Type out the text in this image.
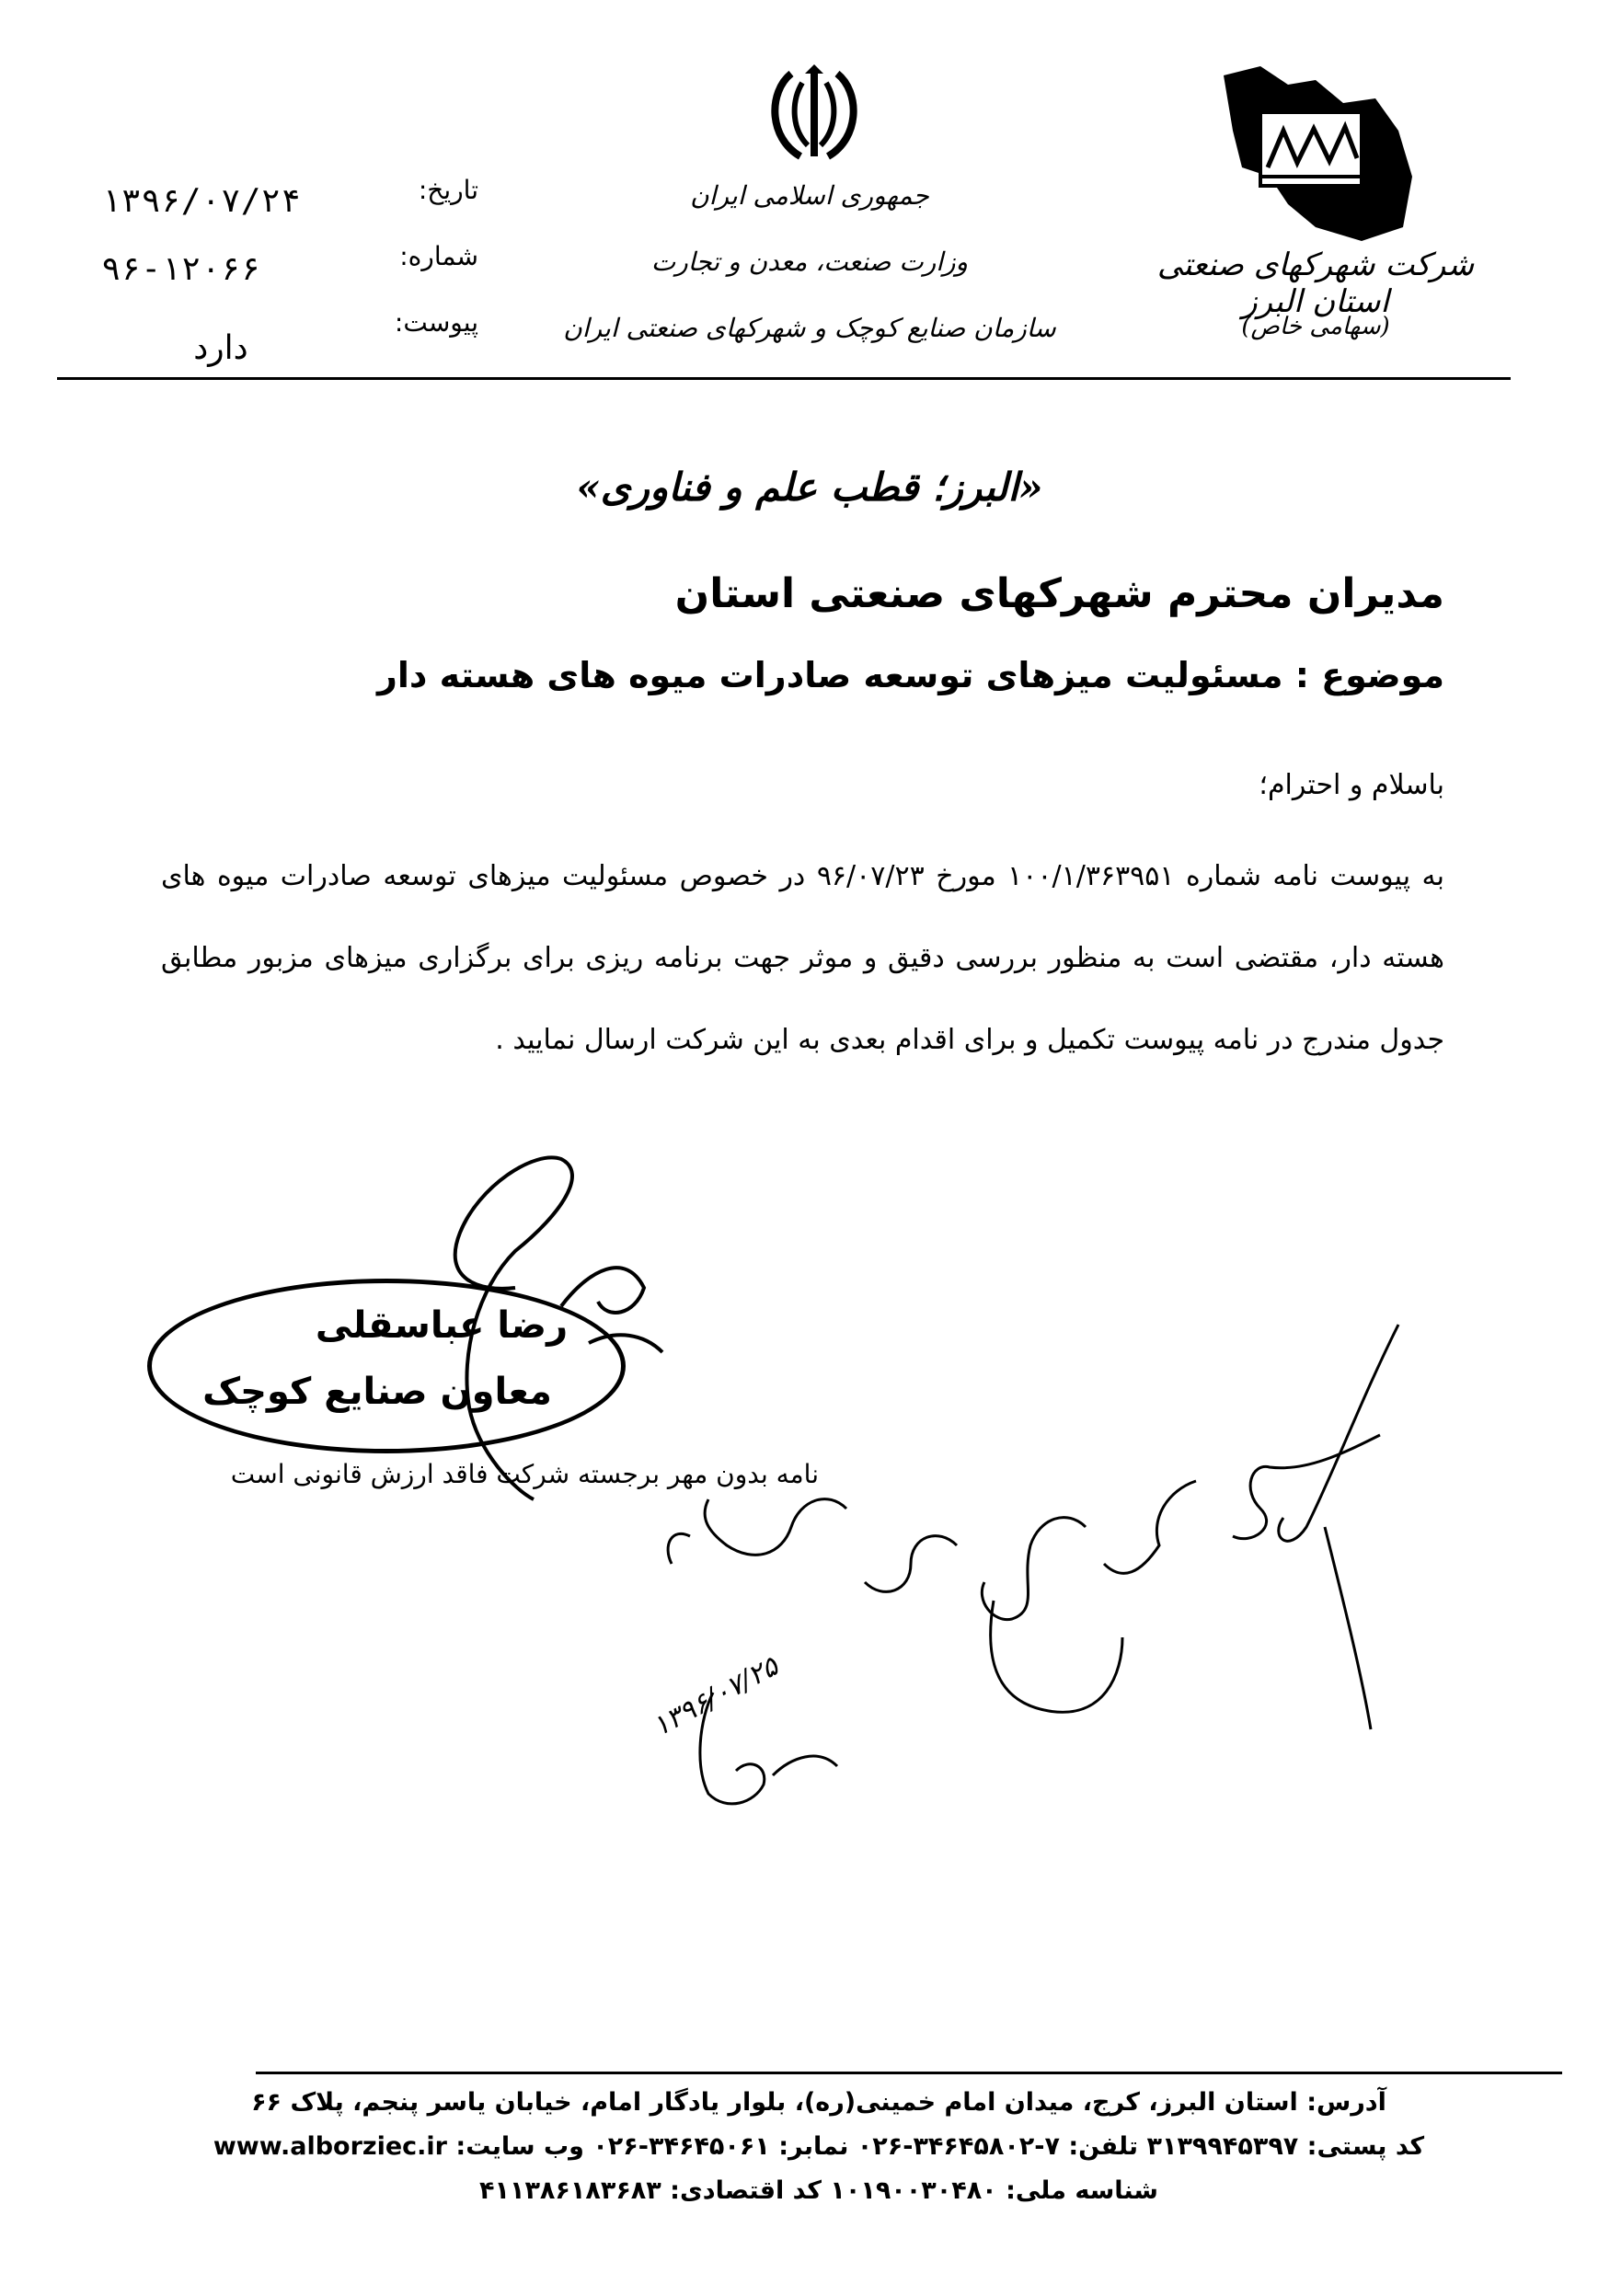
شرکت شهرکهای صنعتی استان البرز
(سهامی خاص)
جمهوری اسلامی ایران
وزارت صنعت، معدن و تجارت
سازمان صنایع کوچک و شهرکهای صنعتی ایران
تاریخ:
۱۳۹۶/۰۷/۲۴
شماره:
۹۶-۱۲۰۶۶
پیوست:
دارد
«البرز؛ قطب علم و فناوری»
مدیران محترم شهرکهای صنعتی استان
موضوع : مسئولیت میزهای توسعه صادرات میوه های هسته دار
باسلام و احترام؛
به پیوست نامه شماره ۱۰۰/۱/۳۶۳۹۵۱ مورخ ۹۶/۰۷/۲۳ در خصوص مسئولیت میزهای توسعه صادرات میوه های هسته دار، مقتضی است به منظور بررسی دقیق و موثر جهت برنامه ریزی برای برگزاری میزهای مزبور مطابق جدول مندرج در نامه پیوست تکمیل و برای اقدام بعدی به این شرکت ارسال نمایید .
رضا عباسقلی
معاون صنایع کوچک
نامه بدون مهر برجسته شرکت فاقد ارزش قانونی است
۱۳۹۶/۰۷/۲۵
آدرس: استان البرز، کرج، میدان امام خمینی(ره)، بلوار یادگار امام، خیابان یاسر پنجم، پلاک ۶۶
کد پستی: ۳۱۳۹۹۴۵۳۹۷ تلفن: ۷-۳۴۶۴۵۸۰۲-۰۲۶ نمابر: ۳۴۶۴۵۰۶۱-۰۲۶ وب سایت: www.alborziec.ir
شناسه ملی: ۱۰۱۹۰۰۳۰۴۸۰ کد اقتصادی: ۴۱۱۳۸۶۱۸۳۶۸۳
